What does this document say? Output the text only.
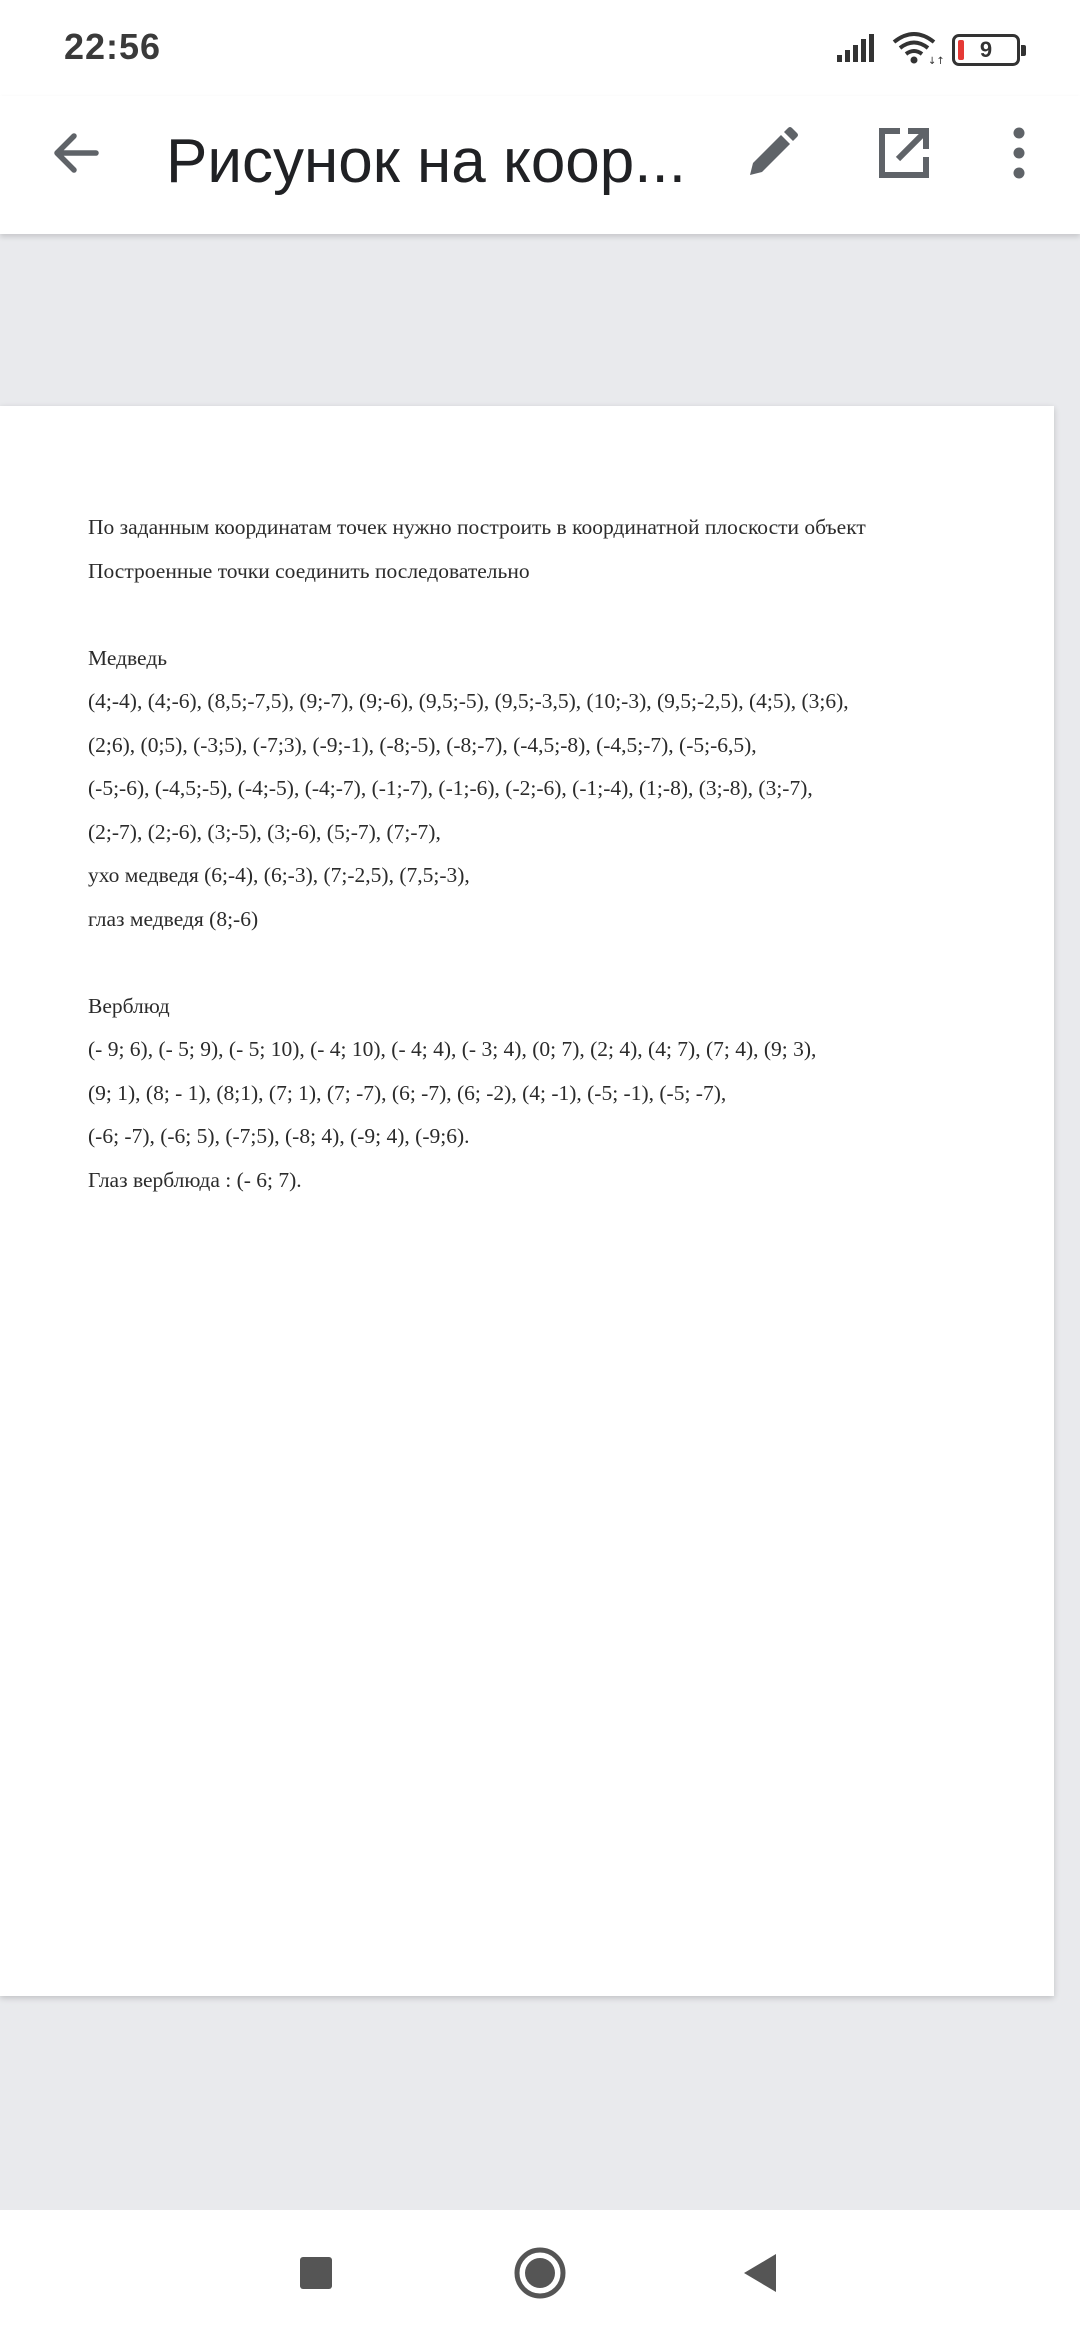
22:56	↓↑ 9
Рисунок на коор...
По заданным координатам точек нужно построить в координатной плоскости объект
Построенные точки соединить последовательно
Медведь
(4;-4), (4;-6), (8,5;-7,5), (9;-7), (9;-6), (9,5;-5), (9,5;-3,5), (10;-3), (9,5;-2,5), (4;5), (3;6),
(2;6), (0;5), (-3;5), (-7;3), (-9;-1), (-8;-5), (-8;-7), (-4,5;-8), (-4,5;-7), (-5;-6,5),
(-5;-6), (-4,5;-5), (-4;-5), (-4;-7), (-1;-7), (-1;-6), (-2;-6), (-1;-4), (1;-8), (3;-8), (3;-7),
(2;-7), (2;-6), (3;-5), (3;-6), (5;-7), (7;-7),
ухо медведя (6;-4), (6;-3), (7;-2,5), (7,5;-3),
глаз медведя (8;-6)
Верблюд
(- 9; 6), (- 5; 9), (- 5; 10), (- 4; 10), (- 4; 4), (- 3; 4), (0; 7), (2; 4), (4; 7), (7; 4), (9; 3),
(9; 1), (8; - 1), (8;1), (7; 1), (7; -7), (6; -7), (6; -2), (4; -1), (-5; -1), (-5; -7),
(-6; -7), (-6; 5), (-7;5), (-8; 4), (-9; 4), (-9;6).
Глаз верблюда : (- 6; 7).
